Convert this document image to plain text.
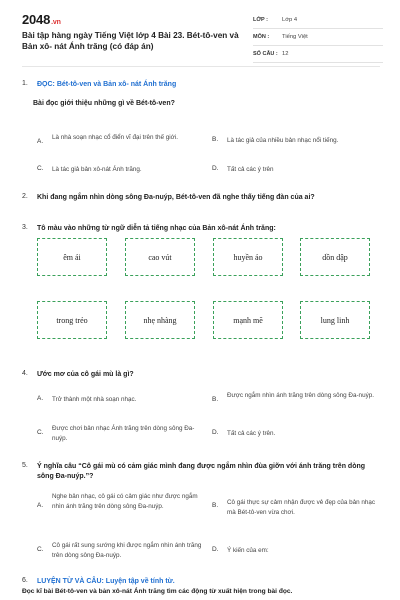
2048.vn
Bài tập hàng ngày Tiếng Việt lớp 4 Bài 23. Bét-tô-ven và Bản xô- nát Ánh trăng (có đáp án)
LỚP :	Lớp 4
MÔN :	Tiếng Việt
SỐ CÂU : 12
1. ĐỌC: Bét-tô-ven và Bản xô- nát Ánh trăng
Bài đọc giới thiệu những gì về Bét-tô-ven?
A.
Là nhà soạn nhạc cổ điển vĩ đại trên thế giới.	B. Là tác giả của nhiều bản nhạc nổi tiếng.
C. Là tác giả bản xô-nát Ánh trăng.	D. Tất cả các ý trên
2. Khi đang ngắm nhìn dòng sông Đa-nuýp, Bét-tô-ven đã nghe thấy tiếng đàn của ai?
3. Tô màu vào những từ ngữ diễn tả tiếng nhạc của Bản xô-nát Ánh trăng:
êm ái	cao vút	huyền ảo	dồn dập
trong trẻo	nhẹ nhàng	mạnh mẽ	lung linh
4. Ước mơ của cô gái mù là gì?
A. Trở thành một nhà soạn nhạc.	B.
Được ngắm nhìn ánh trăng trên dòng sông Đa-nuýp.
C.
Được chơi bản nhạc Ánh trăng trên dòng sông Đa-nuýp.
D. Tất cả các ý trên.
5. Ý nghĩa câu “Cô gái mù có cảm giác mình đang được ngắm nhìn đùa giỡn với ánh trăng trên dòng sông Đa-nuýp.”?
A.
Nghe bản nhạc, cô gái có cảm giác như được ngắm nhìn ánh trăng trên dòng sông Đa-nuýp.	B. Cô gái thực sự cảm nhận được vẻ đẹp của bản nhạc mà Bét-tô-ven vừa chơi.
C.
Cô gái rất sung sướng khi được ngắm nhìn ánh trăng trên dòng sông Đa-nuýp.
D. Ý kiến của em:
6. LUYỆN TỪ VÀ CÂU: Luyện tập về tính từ.
Đọc kĩ bài Bét-tô-ven và bản xô-nát Ánh trăng tìm các động từ xuất hiện trong bài đọc.
